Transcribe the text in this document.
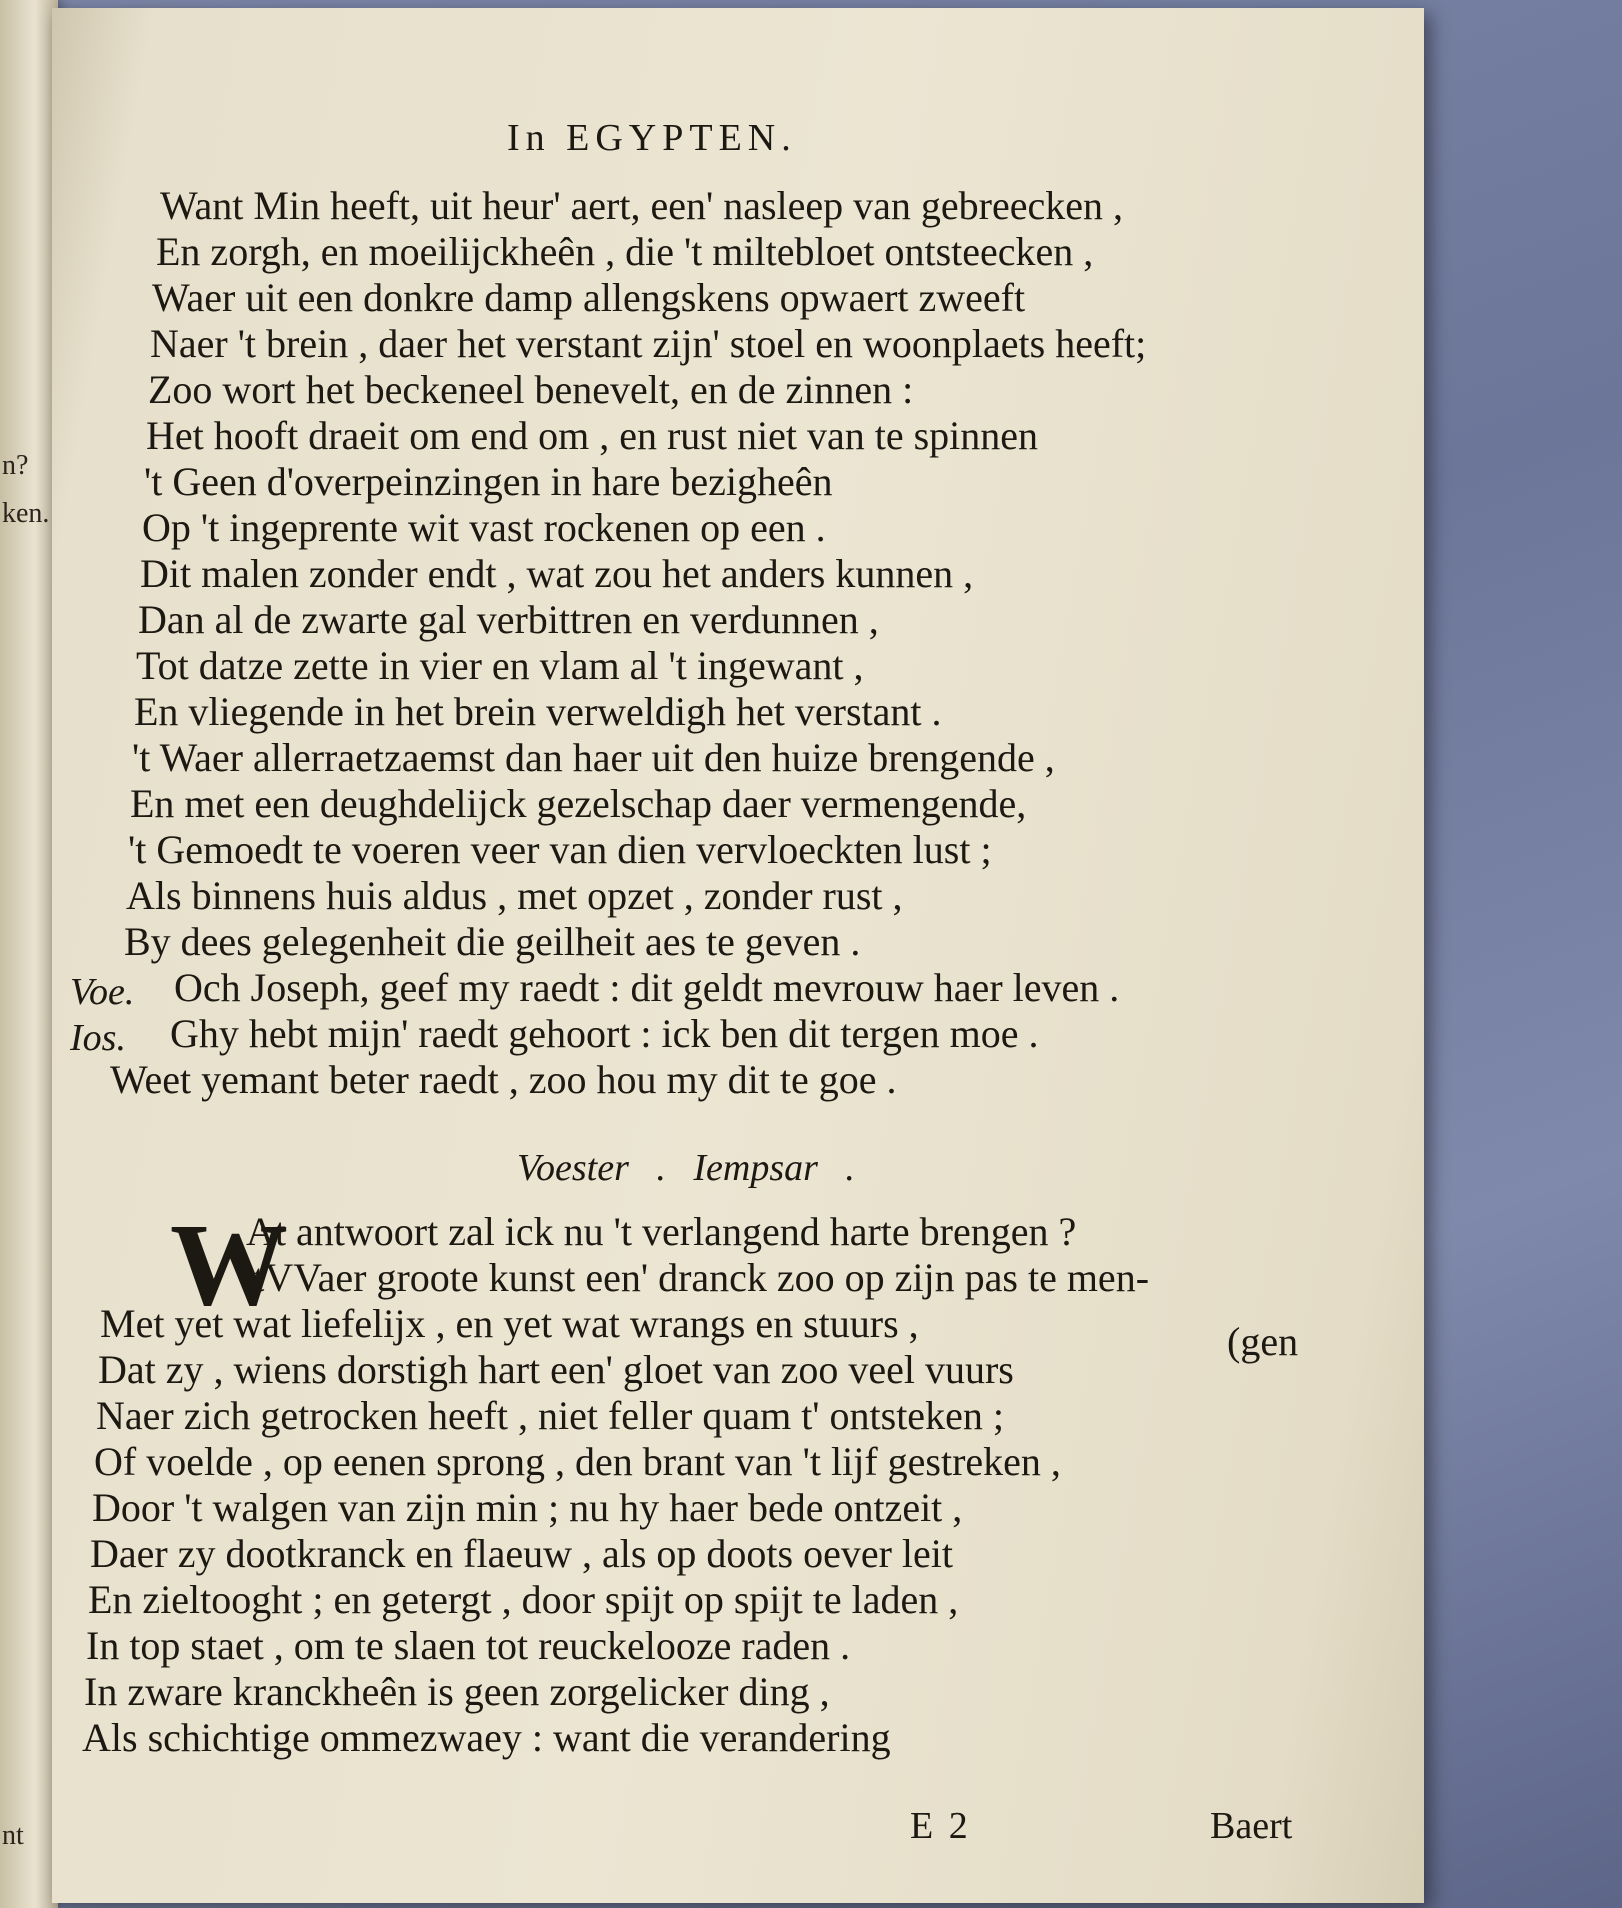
n?
ken.
nt
In EGYPTEN.
Want Min heeft, uit heur' aert, een' nasleep van gebreecken ,
En zorgh, en moeilijckheên , die 't miltebloet ontsteecken ,
Waer uit een donkre damp allengskens opwaert zweeft
Naer 't brein , daer het verstant zijn' stoel en woonplaets heeft;
Zoo wort het beckeneel benevelt, en de zinnen :
Het hooft draeit om end om , en rust niet van te spinnen
't Geen d'overpeinzingen in hare bezigheên
Op 't ingeprente wit vast rockenen op een .
Dit malen zonder endt , wat zou het anders kunnen ,
Dan al de zwarte gal verbittren en verdunnen ,
Tot datze zette in vier en vlam al 't ingewant ,
En vliegende in het brein verweldigh het verstant .
't Waer allerraetzaemst dan haer uit den huize brengende ,
En met een deughdelijck gezelschap daer vermengende,
't Gemoedt te voeren veer van dien vervloeckten lust ;
Als binnens huis aldus , met opzet , zonder rust ,
By dees gelegenheit die geilheit aes te geven .
Voe. Och Joseph, geef my raedt : dit geldt mevrouw haer leven .
Ios. Ghy hebt mijn' raedt gehoort : ick ben dit tergen moe .
Weet yemant beter raedt , zoo hou my dit te goe .
Voester . Iempsar .
W
At antwoort zal ick nu 't verlangend harte brengen ?
'tVVaer groote kunst een' dranck zoo op zijn pas te men-
Met yet wat liefelijx , en yet wat wrangs en stuurs ,
Dat zy , wiens dorstigh hart een' gloet van zoo veel vuurs
Naer zich getrocken heeft , niet feller quam t' ontsteken ;
Of voelde , op eenen sprong , den brant van 't lijf gestreken ,
Door 't walgen van zijn min ; nu hy haer bede ontzeit ,
Daer zy dootkranck en flaeuw , als op doots oever leit
En zieltooght ; en getergt , door spijt op spijt te laden ,
In top staet , om te slaen tot reuckelooze raden .
In zware kranckheên is geen zorgelicker ding ,
Als schichtige ommezwaey : want die verandering
(gen
E 2	Baert
